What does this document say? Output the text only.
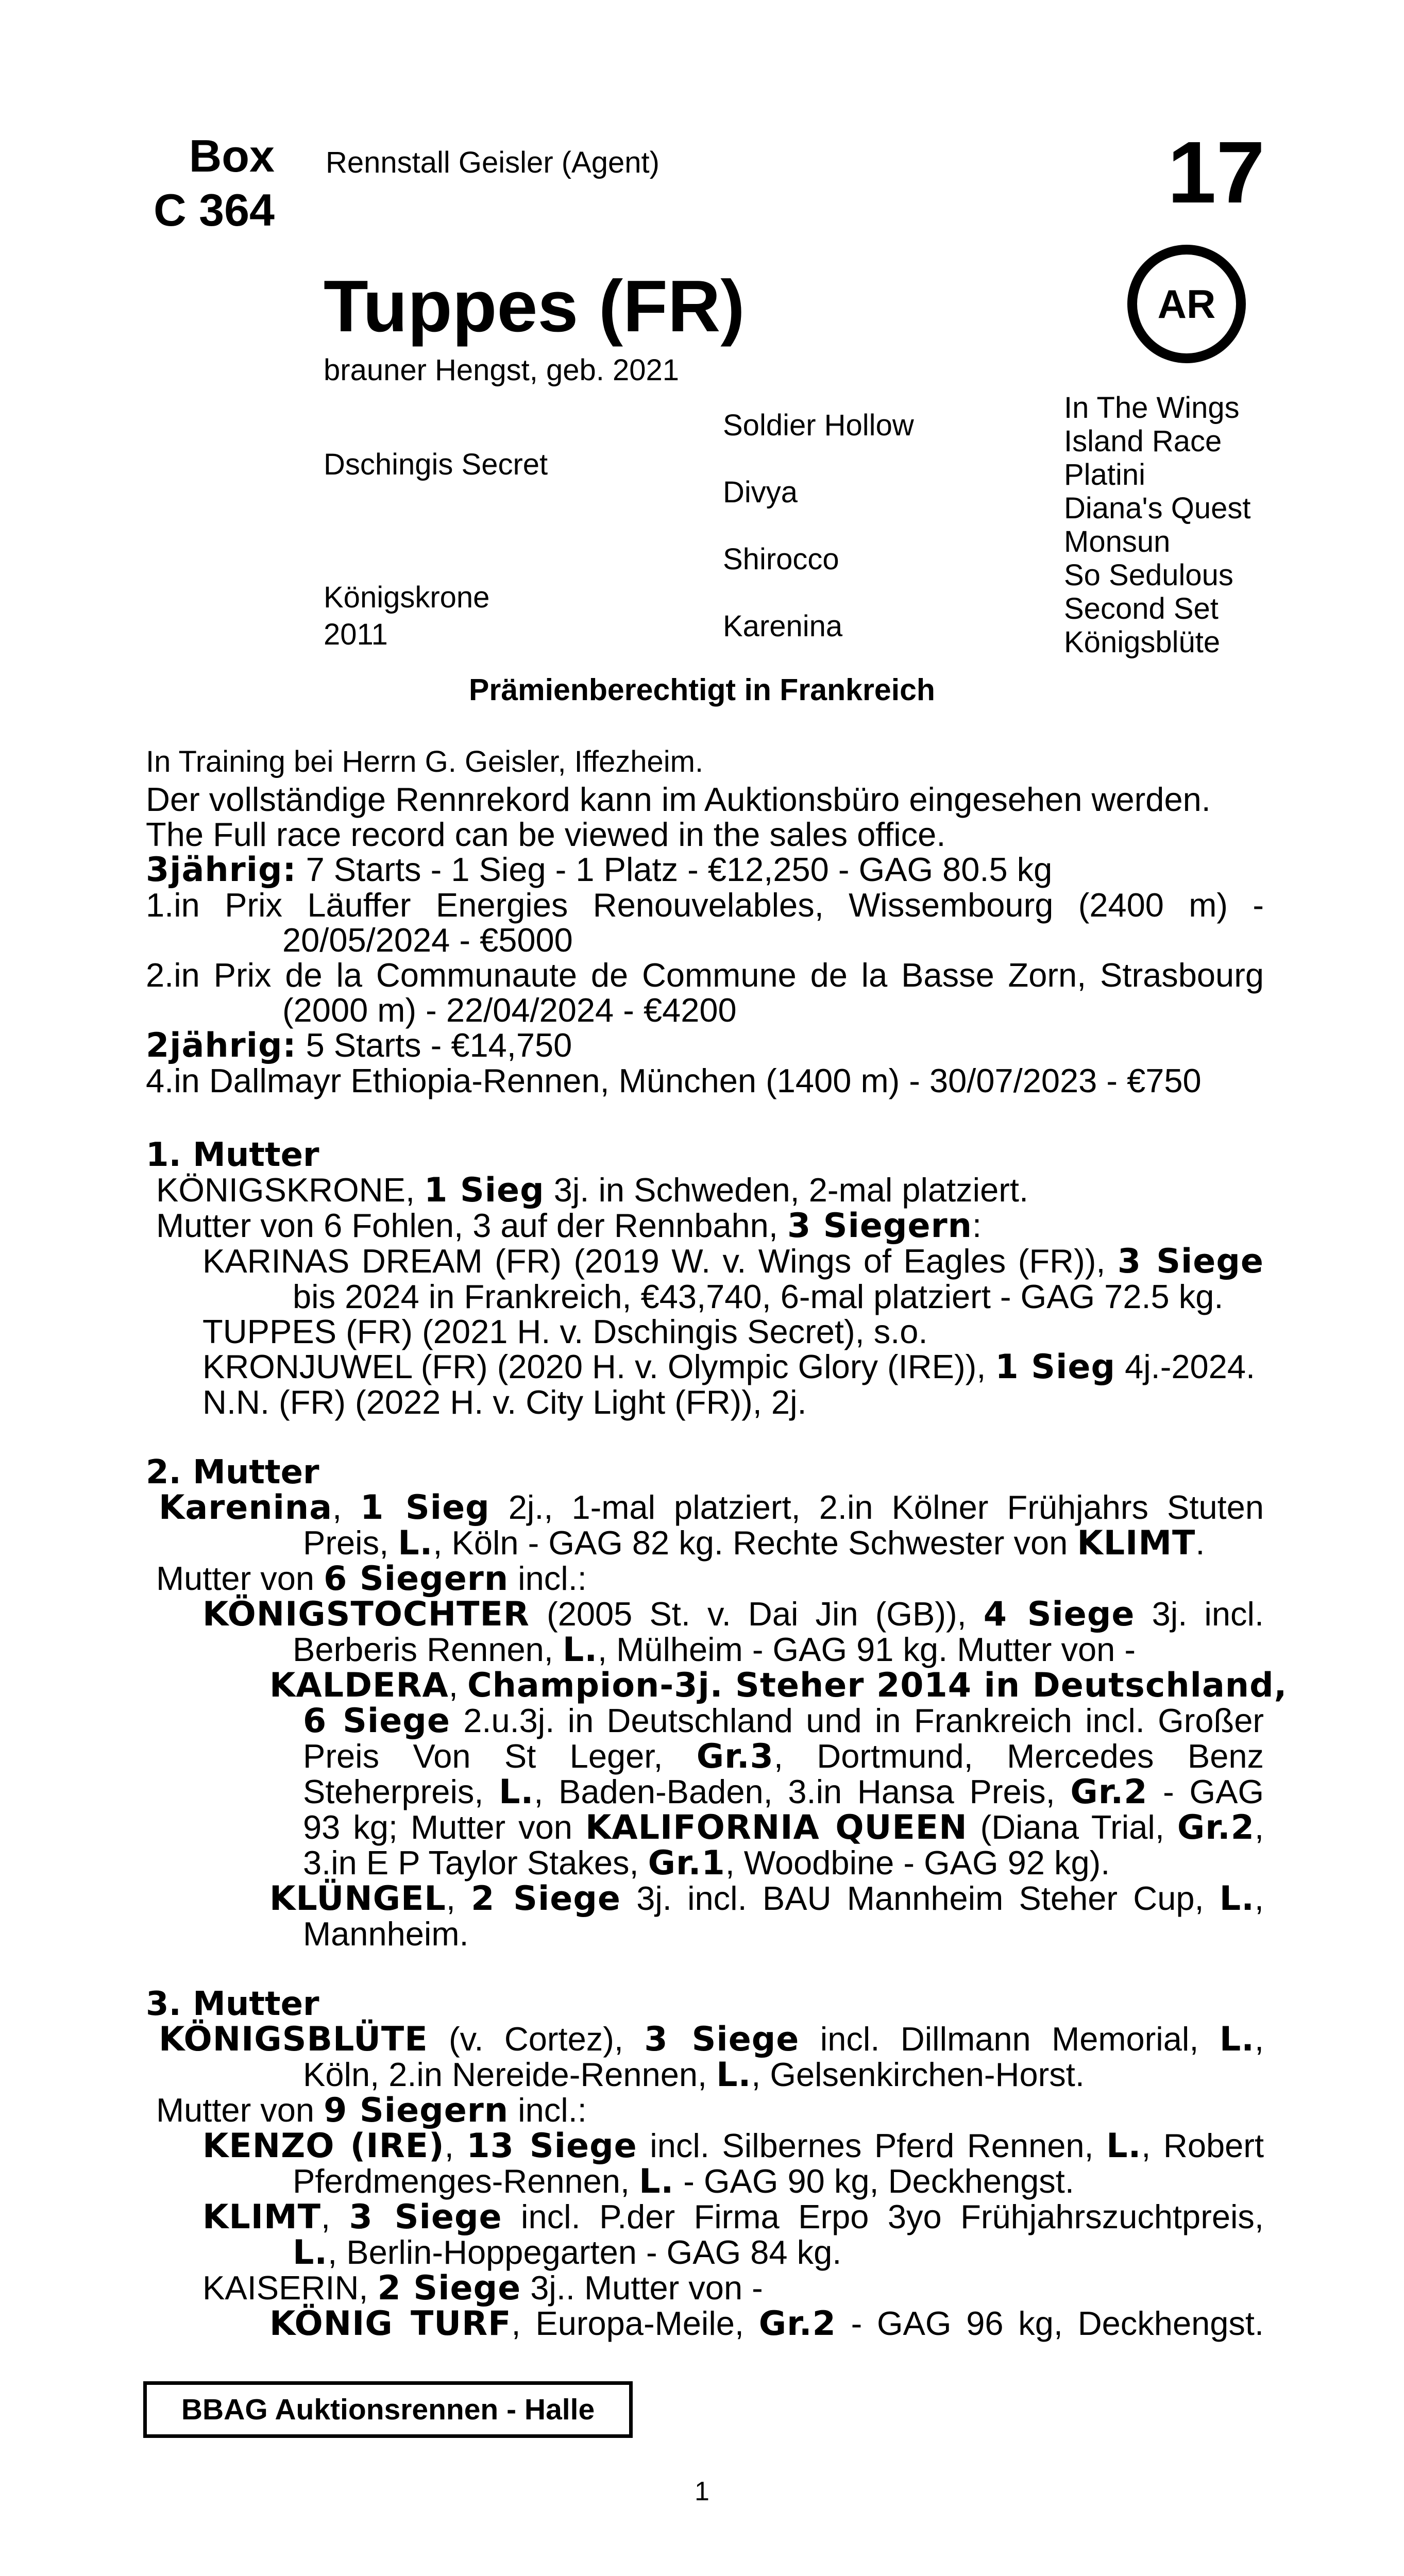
Box
C 364
Rennstall Geisler (Agent)	17
Tuppes (FR)	AR
brauner Hengst, geb. 2021
Dschingis Secret
Königskrone
2011
Soldier Hollow
Divya
Shirocco
Karenina
In The Wings
Island Race
Platini
Diana's Quest
Monsun
So Sedulous
Second Set
Königsblüte
Prämienberechtigt in Frankreich
In Training bei Herrn G. Geisler, Iffezheim.
Der vollständige Rennrekord kann im Auktionsbüro eingesehen werden.
The Full race record can be viewed in the sales office.
3jährig: 7 Starts - 1 Sieg - 1 Platz - €12,250 - GAG 80.5 kg
1.in Prix Läuffer Energies Renouvelables, Wissembourg (2400 m) -
20/05/2024 - €5000
2.in Prix de la Communaute de Commune de la Basse Zorn, Strasbourg
(2000 m) - 22/04/2024 - €4200
2jährig: 5 Starts - €14,750
4.in Dallmayr Ethiopia-Rennen, München (1400 m) - 30/07/2023 - €750
1. Mutter
KÖNIGSKRONE, 1 Sieg 3j. in Schweden, 2-mal platziert.
Mutter von 6 Fohlen, 3 auf der Rennbahn, 3 Siegern:
KARINAS DREAM (FR) (2019 W. v. Wings of Eagles (FR)), 3 Siege
bis 2024 in Frankreich, €43,740, 6-mal platziert - GAG 72.5 kg.
TUPPES (FR) (2021 H. v. Dschingis Secret), s.o.
KRONJUWEL (FR) (2020 H. v. Olympic Glory (IRE)), 1 Sieg 4j.-2024.
N.N. (FR) (2022 H. v. City Light (FR)), 2j.
2. Mutter
Karenina, 1 Sieg 2j., 1-mal platziert, 2.in Kölner Frühjahrs Stuten
Preis, L., Köln - GAG 82 kg. Rechte Schwester von KLIMT.
Mutter von 6 Siegern incl.:
KÖNIGSTOCHTER (2005 St. v. Dai Jin (GB)), 4 Siege 3j. incl.
Berberis Rennen, L., Mülheim - GAG 91 kg. Mutter von -
KALDERA, Champion-3j. Steher 2014 in Deutschland,
6 Siege 2.u.3j. in Deutschland und in Frankreich incl. Großer
Preis Von St Leger, Gr.3, Dortmund, Mercedes Benz
Steherpreis, L., Baden-Baden, 3.in Hansa Preis, Gr.2 - GAG
93 kg; Mutter von KALIFORNIA QUEEN (Diana Trial, Gr.2,
3.in E P Taylor Stakes, Gr.1, Woodbine - GAG 92 kg).
KLÜNGEL, 2 Siege 3j. incl. BAU Mannheim Steher Cup, L.,
Mannheim.
3. Mutter
KÖNIGSBLÜTE (v. Cortez), 3 Siege incl. Dillmann Memorial, L.,
Köln, 2.in Nereide-Rennen, L., Gelsenkirchen-Horst.
Mutter von 9 Siegern incl.:
KENZO (IRE), 13 Siege incl. Silbernes Pferd Rennen, L., Robert
Pferdmenges-Rennen, L. - GAG 90 kg, Deckhengst.
KLIMT, 3 Siege incl. P.der Firma Erpo 3yo Frühjahrszuchtpreis,
L., Berlin-Hoppegarten - GAG 84 kg.
KAISERIN, 2 Siege 3j.. Mutter von -
KÖNIG TURF, Europa-Meile, Gr.2 - GAG 96 kg, Deckhengst.
BBAG Auktionsrennen - Halle
1
